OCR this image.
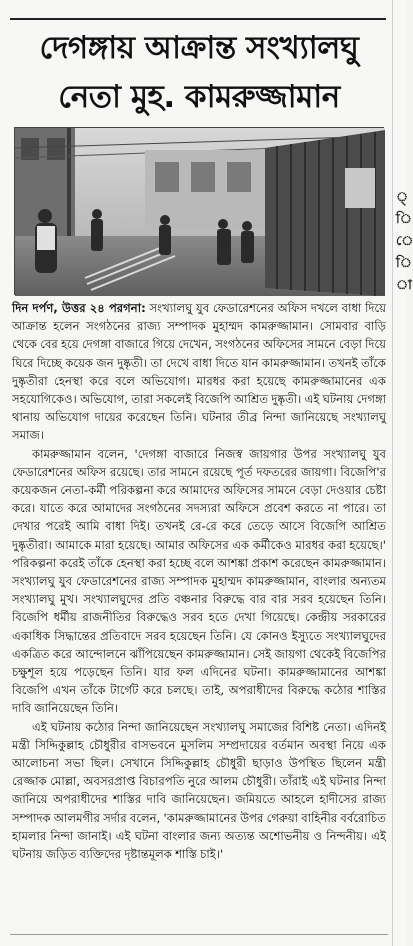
দেগঙ্গায় আক্রান্ত সংখ্যালঘু
নেতা মুহ. কামরুজ্জামান

দিন দর্পণ, উত্তর ২৪ পরগনা: সংখ্যালঘু যুব ফেডারেশনের অফিস দখলে বাধা দিয়ে আক্রান্ত হলেন সংগঠনের রাজ্য সম্পাদক মুহাম্মদ কামরুজ্জামান। সোমবার বাড়ি থেকে বের হয়ে দেগঙ্গা বাজারে গিয়ে দেখেন, সংগঠনের অফিসের সামনে বেড়া দিয়ে ঘিরে দিচ্ছে কয়েক জন দুষ্কৃতী। তা দেখে বাধা দিতে যান কামরুজ্জামান। তখনই তাঁকে দুষ্কৃতীরা হেনস্থা করে বলে অভিযোগ। মারধর করা হয়েছে কামরুজ্জামানের এক সহযোগিকেও। অভিযোগ, তারা সকলেই বিজেপি আশ্রিত দুষ্কৃতী। এই ঘটনায় দেগঙ্গা থানায় অভিযোগ দায়ের করেছেন তিনি। ঘটনার তীব্র নিন্দা জানিয়েছে সংখ্যালঘু সমাজ।

কামরুজ্জামান বলেন, 'দেগঙ্গা বাজারে নিজস্ব জায়গার উপর সংখ্যালঘু যুব ফেডারেশনের অফিস রয়েছে। তার সামনে রয়েছে পূর্ত দফতরের জায়গা। বিজেপি'র কয়েকজন নেতা-কর্মী পরিকল্পনা করে আমাদের অফিসের সামনে বেড়া দেওয়ার চেষ্টা করে। যাতে করে আমাদের সংগঠনের সদস্যরা অফিসে প্রবেশ করতে না পারে। তা দেখার পরেই আমি বাধা দিই। তখনই রে-রে করে তেড়ে আসে বিজেপি আশ্রিত দুষ্কৃতীরা। আমাকে মারা হয়েছে। আমার অফিসের এক কর্মীকেও মারধর করা হয়েছে।' পরিকল্পনা করেই তাঁকে হেনস্থা করা হচ্ছে বলে আশঙ্কা প্রকাশ করেছেন কামরুজ্জামান। সংখ্যালঘু যুব ফেডারেশনের রাজ্য সম্পাদক মুহাম্মদ কামরুজ্জামান, বাংলার অন্যতম সংখ্যালঘু মুখ। সংখ্যালঘুদের প্রতি বঞ্চনার বিরুদ্ধে বার বার সরব হয়েছেন তিনি। বিজেপি ধর্মীয় রাজনীতির বিরুদ্ধেও সরব হতে দেখা গিয়েছে। কেন্দ্রীয় সরকারের একাধিক সিদ্ধান্তের প্রতিবাদে সরব হয়েছেন তিনি। যে কোনও ইস্যুতে সংখ্যালঘুদের একত্রিত করে আন্দোলনে ঝাঁপিয়েছেন কামরুজ্জামান। সেই জায়গা থেকেই বিজেপির চক্ষুশূল হয়ে পড়েছেন তিনি। যার ফল এদিনের ঘটনা। কামরুজ্জামানের আশঙ্কা বিজেপি এখন তাঁকে টার্গেট করে চলছে। তাই, অপরাধীদের বিরুদ্ধে কঠোর শাস্তির দাবি জানিয়েছেন তিনি।

এই ঘটনায় কঠোর নিন্দা জানিয়েছেন সংখ্যালঘু সমাজের বিশিষ্ট নেতা। এদিনই মন্ত্রী সিদ্দিকুল্লাহ চৌধুরীর বাসভবনে মুসলিম সম্প্রদায়ের বর্তমান অবস্থা নিয়ে এক আলোচনা সভা ছিল। সেখানে সিদ্দিকুল্লাহ চৌধুরী ছাড়াও উপস্থিত ছিলেন মন্ত্রী রেজ্জাক মোল্লা, অবসরপ্রাপ্ত বিচারপতি নুরে আলম চৌধুরী। তাঁরাই এই ঘটনার নিন্দা জানিয়ে অপরাধীদের শাস্তির দাবি জানিয়েছেন। জমিয়তে আহলে হাদীসের রাজ্য সম্পাদক আলমগীর সর্দার বলেন, 'কামরুজ্জামানের উপর গেরুয়া বাহিনীর বর্বরোচিত হামলার নিন্দা জানাই। এই ঘটনা বাংলার জন্য অত্যন্ত অশোভনীয় ও নিন্দনীয়। এই ঘটনায় জড়িত ব্যক্তিদের দৃষ্টান্তমূলক শাস্তি চাই।'

্
ি
ে
ি
া
